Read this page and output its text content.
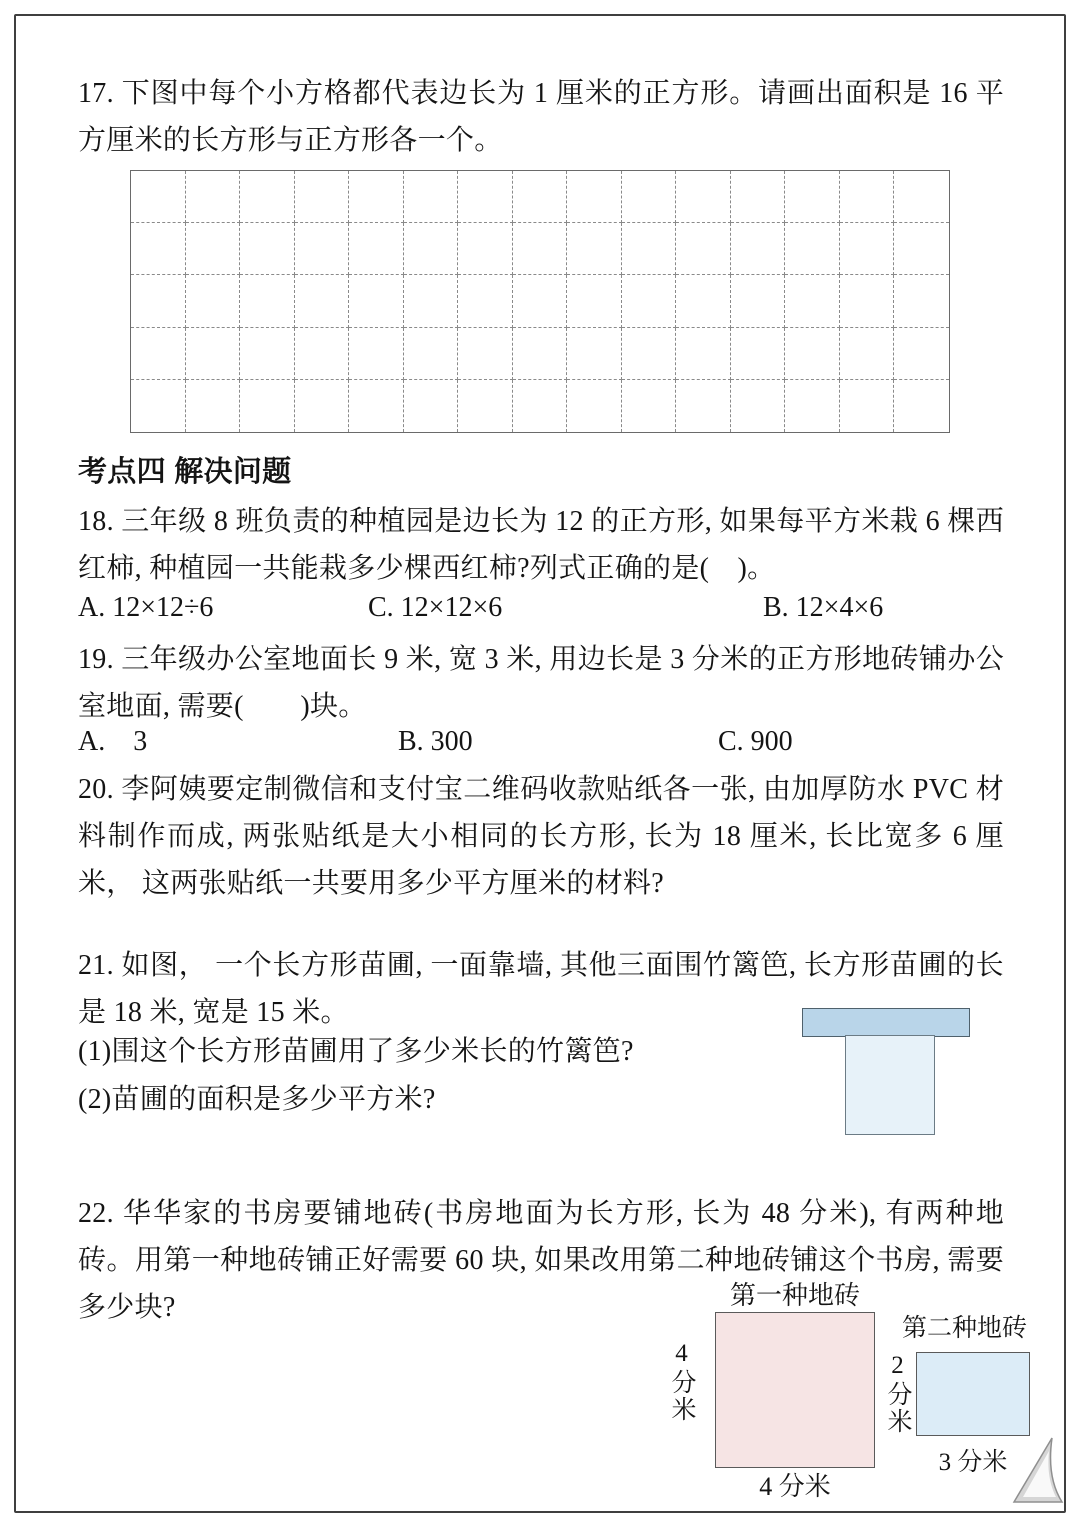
17. 下图中每个小方格都代表边长为 1 厘米的正方形。请画出面积是 16 平方厘米的长方形与正方形各一个。
考点四 解决问题
18. 三年级 8 班负责的种植园是边长为 12 的正方形, 如果每平方米栽 6 棵西红柿, 种植园一共能栽多少棵西红柿?列式正确的是(　)。
A. 12×12÷6	C. 12×12×6	B. 12×4×6
19. 三年级办公室地面长 9 米, 宽 3 米, 用边长是 3 分米的正方形地砖铺办公室地面, 需要(　　)块。
A.　3	B. 300	C. 900
20. 李阿姨要定制微信和支付宝二维码收款贴纸各一张, 由加厚防水 PVC 材料制作而成, 两张贴纸是大小相同的长方形, 长为 18 厘米, 长比宽多 6 厘米， 这两张贴纸一共要用多少平方厘米的材料?
21. 如图， 一个长方形苗圃, 一面靠墙, 其他三面围竹篱笆, 长方形苗圃的长是 18 米, 宽是 15 米。
(1)围这个长方形苗圃用了多少米长的竹篱笆?
(2)苗圃的面积是多少平方米?
22. 华华家的书房要铺地砖(书房地面为长方形, 长为 48 分米), 有两种地砖。用第一种地砖铺正好需要 60 块, 如果改用第二种地砖铺这个书房, 需要多少块?	第一种地砖
4分米
4 分米
第二种地砖
2分米
3 分米
